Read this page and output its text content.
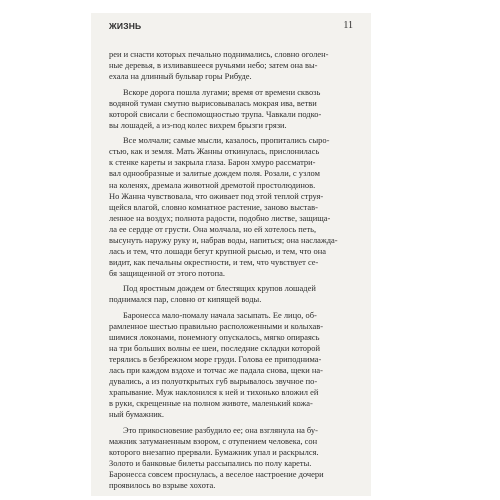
ЖИЗНЬ	11
реи и снасти которых печально поднимались, словно оголен-
ные деревья, в изливавшееся ручьями небо; затем она вы-
ехала на длинный бульвар горы Рибуде.
Вскоре дорога пошла лугами; время от времени сквозь
водяной туман смутно вырисовывалась мокрая ива, ветви
которой свисали с беспомощностью трупа. Чавкали подко-
вы лошадей, а из-под колес вихрем брызги грязи.
Все молчали; самые мысли, казалось, пропитались сыро-
стью, как и земля. Мать Жанны откинулась, прислонилась
к стенке кареты и закрыла глаза. Барон хмуро рассматри-
вал однообразные и залитые дождем поля. Розали, с узлом
на коленях, дремала животной дремотой простолюдинов.
Но Жанна чувствовала, что оживает под этой теплой струя-
щейся влагой, словно комнатное растение, заново выстав-
ленное на воздух; полнота радости, подобно листве, защища-
ла ее сердце от грусти. Она молчала, но ей хотелось петь,
высунуть наружу руку и, набрав воды, напиться; она наслажда-
лась и тем, что лошади бегут крупной рысью, и тем, что она
видит, как печальны окрестности, и тем, что чувствует се-
бя защищенной от этого потопа.
Под яростным дождем от блестящих крупов лошадей
поднимался пар, словно от кипящей воды.
Баронесса мало-помалу начала засыпать. Ее лицо, об-
рамленное шестью правильно расположенными и колыхав-
шимися локонами, понемногу опускалось, мягко опираясь
на три больших волны ее шеи, последние складки которой
терялись в безбрежном море груди. Голова ее приподнима-
лась при каждом вздохе и тотчас же падала снова, щеки на-
дувались, а из полуоткрытых губ вырывалось звучное по-
храпывание. Муж наклонился к ней и тихонько вложил ей
в руки, скрещенные на полном животе, маленький кожа-
ный бумажник.
Это прикосновение разбудило ее; она взглянула на бу-
мажник затуманенным взором, с отупением человека, сон
которого внезапно прервали. Бумажник упал и раскрылся.
Золото и банковые билеты рассыпались по полу кареты.
Баронесса совсем проснулась, а веселое настроение дочери
проявилось во взрыве хохота.
